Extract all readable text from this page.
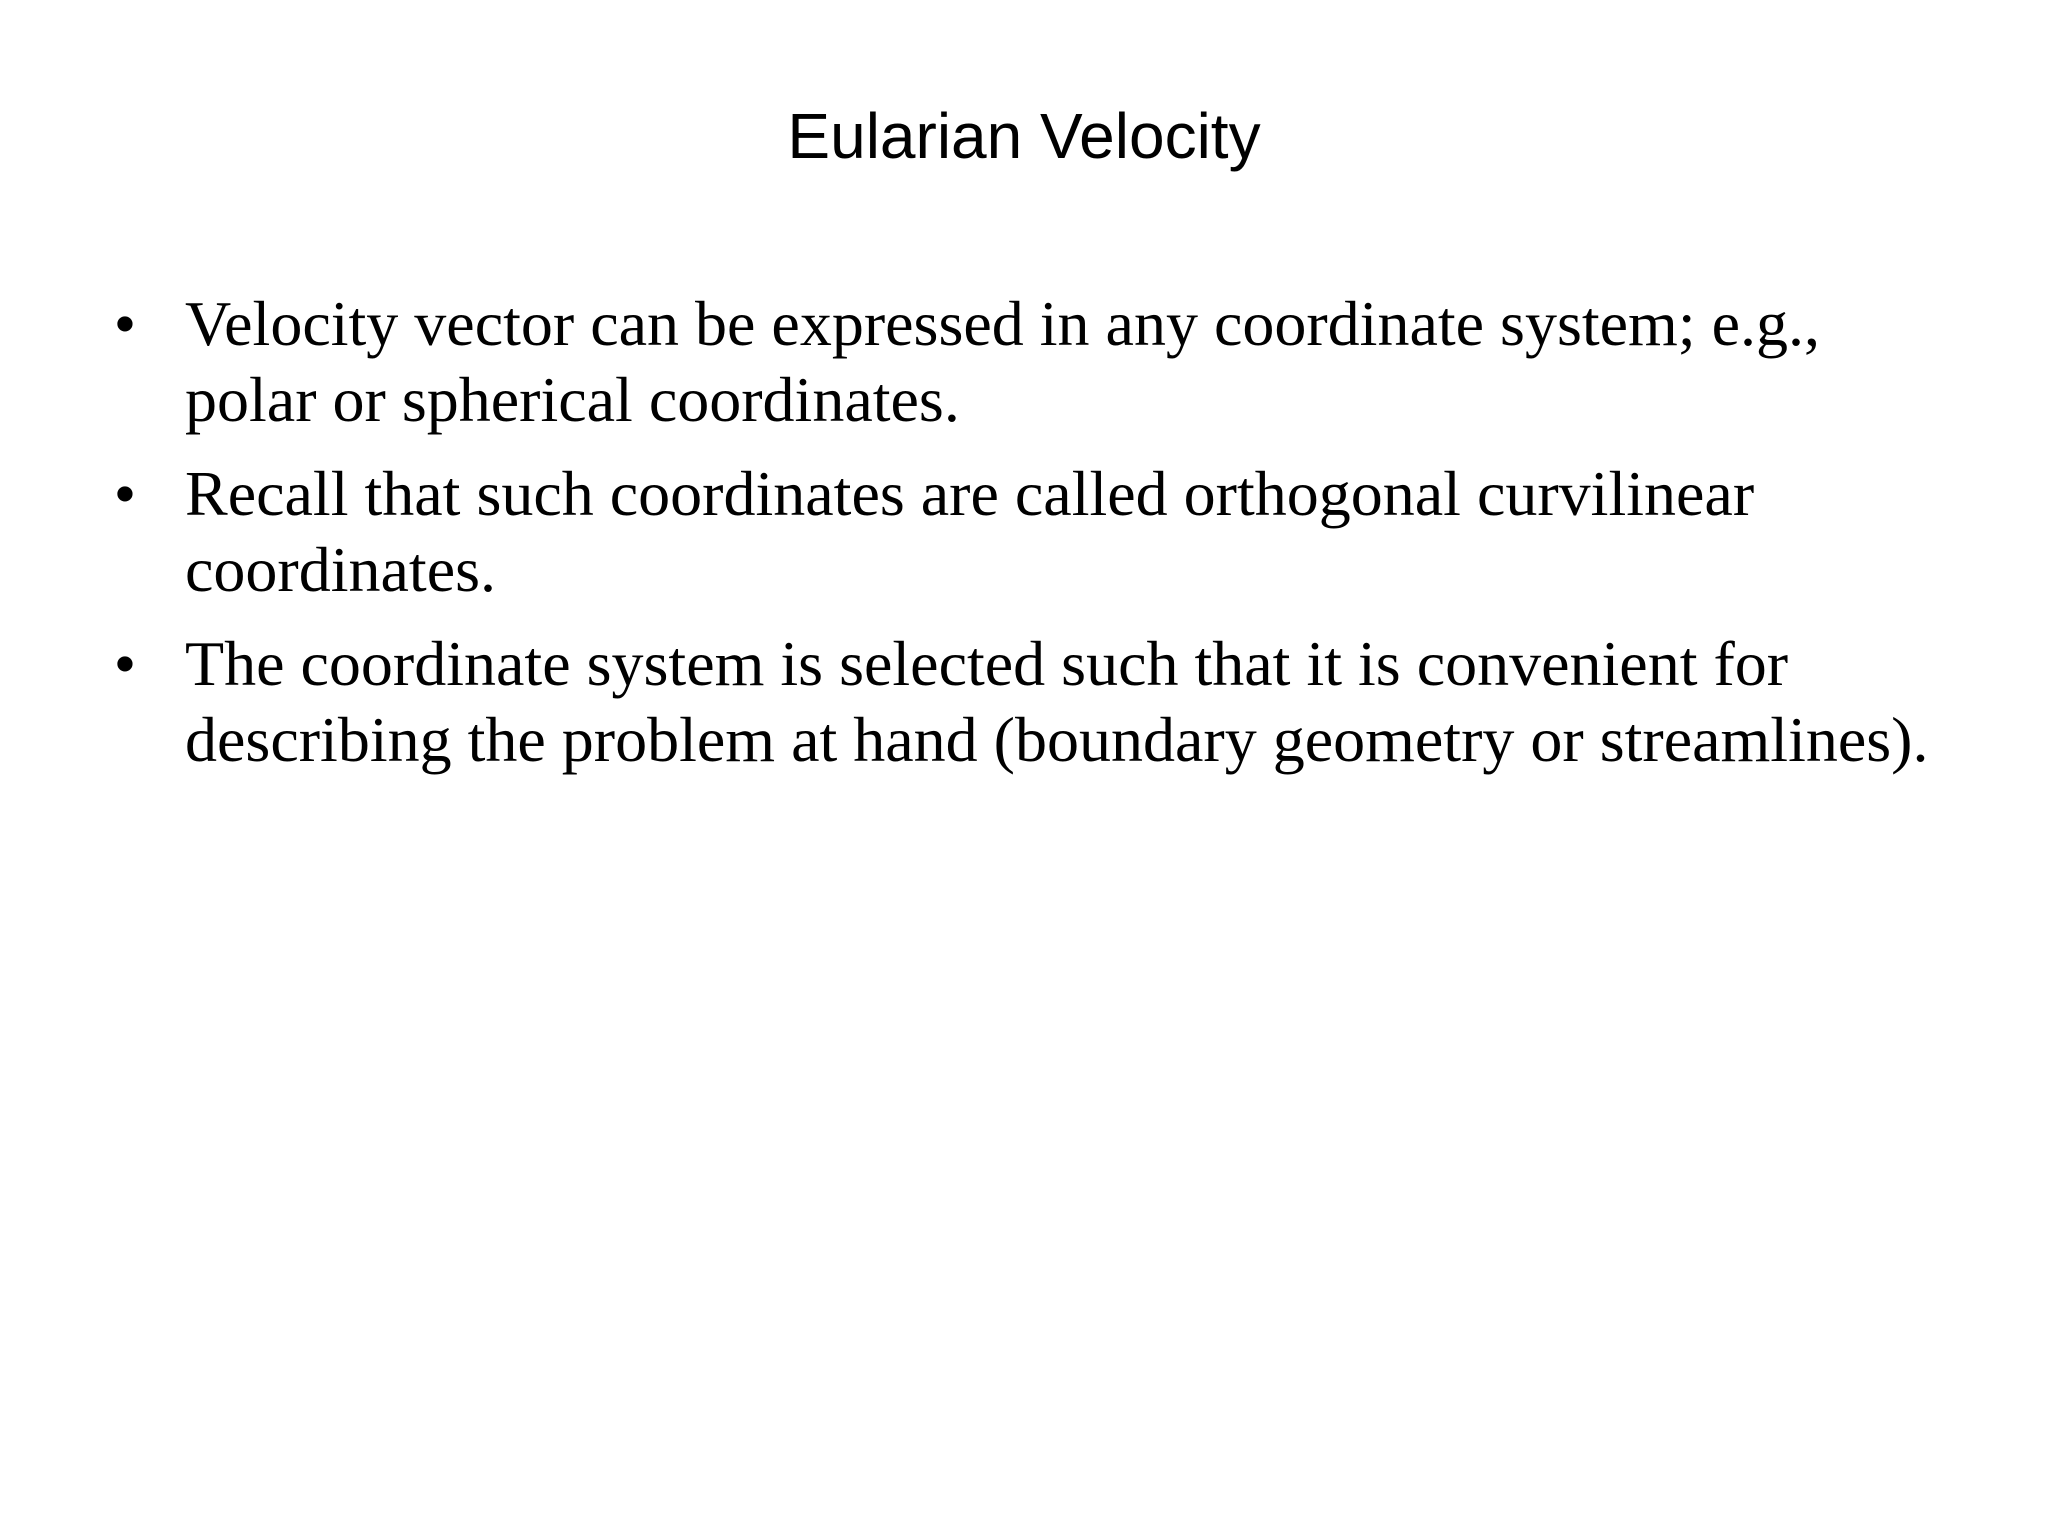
Eularian Velocity
• Velocity vector can be expressed in any coordinate system; e.g., polar or spherical coordinates.
• Recall that such coordinates are called orthogonal curvilinear coordinates.
• The coordinate system is selected such that it is convenient for describing the problem at hand (boundary geometry or streamlines).
